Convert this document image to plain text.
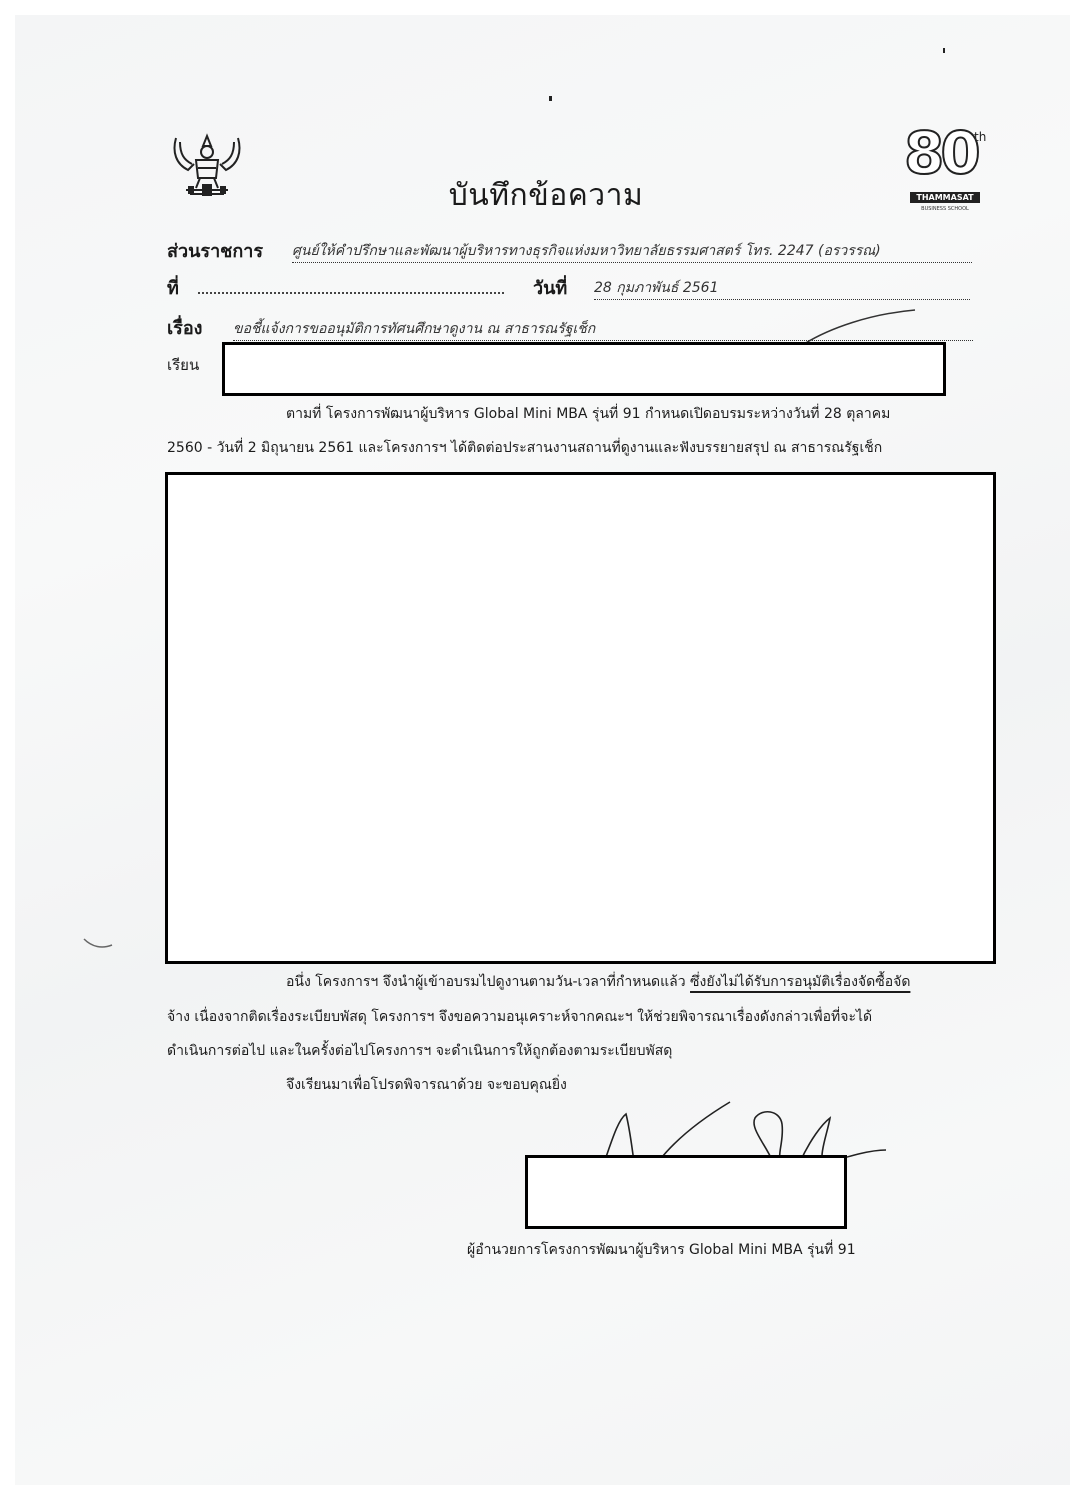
80
th
THAMMASAT
BUSINESS SCHOOL
บันทึกข้อความ
ส่วนราชการ ศูนย์ให้คำปรึกษาและพัฒนาผู้บริหารทางธุรกิจแห่งมหาวิทยาลัยธรรมศาสตร์ โทร. 2247 (อรวรรณ)
ที่	วันที่ 28 กุมภาพันธ์ 2561
เรื่อง ขอชี้แจ้งการขออนุมัติการทัศนศึกษาดูงาน ณ สาธารณรัฐเช็ก
เรียน
ตามที่ โครงการพัฒนาผู้บริหาร Global Mini MBA รุ่นที่ 91 กำหนดเปิดอบรมระหว่างวันที่ 28 ตุลาคม
2560 - วันที่ 2 มิถุนายน 2561 และโครงการฯ ได้ติดต่อประสานงานสถานที่ดูงานและฟังบรรยายสรุป ณ สาธารณรัฐเช็ก
อนึ่ง โครงการฯ จึงนำผู้เข้าอบรมไปดูงานตามวัน-เวลาที่กำหนดแล้ว ซึ่งยังไม่ได้รับการอนุมัติเรื่องจัดซื้อจัด
จ้าง เนื่องจากติดเรื่องระเบียบพัสดุ โครงการฯ จึงขอความอนุเคราะห์จากคณะฯ ให้ช่วยพิจารณาเรื่องดังกล่าวเพื่อที่จะได้
ดำเนินการต่อไป และในครั้งต่อไปโครงการฯ จะดำเนินการให้ถูกต้องตามระเบียบพัสดุ
จึงเรียนมาเพื่อโปรดพิจารณาด้วย จะขอบคุณยิ่ง
ผู้อำนวยการโครงการพัฒนาผู้บริหาร Global Mini MBA รุ่นที่ 91
